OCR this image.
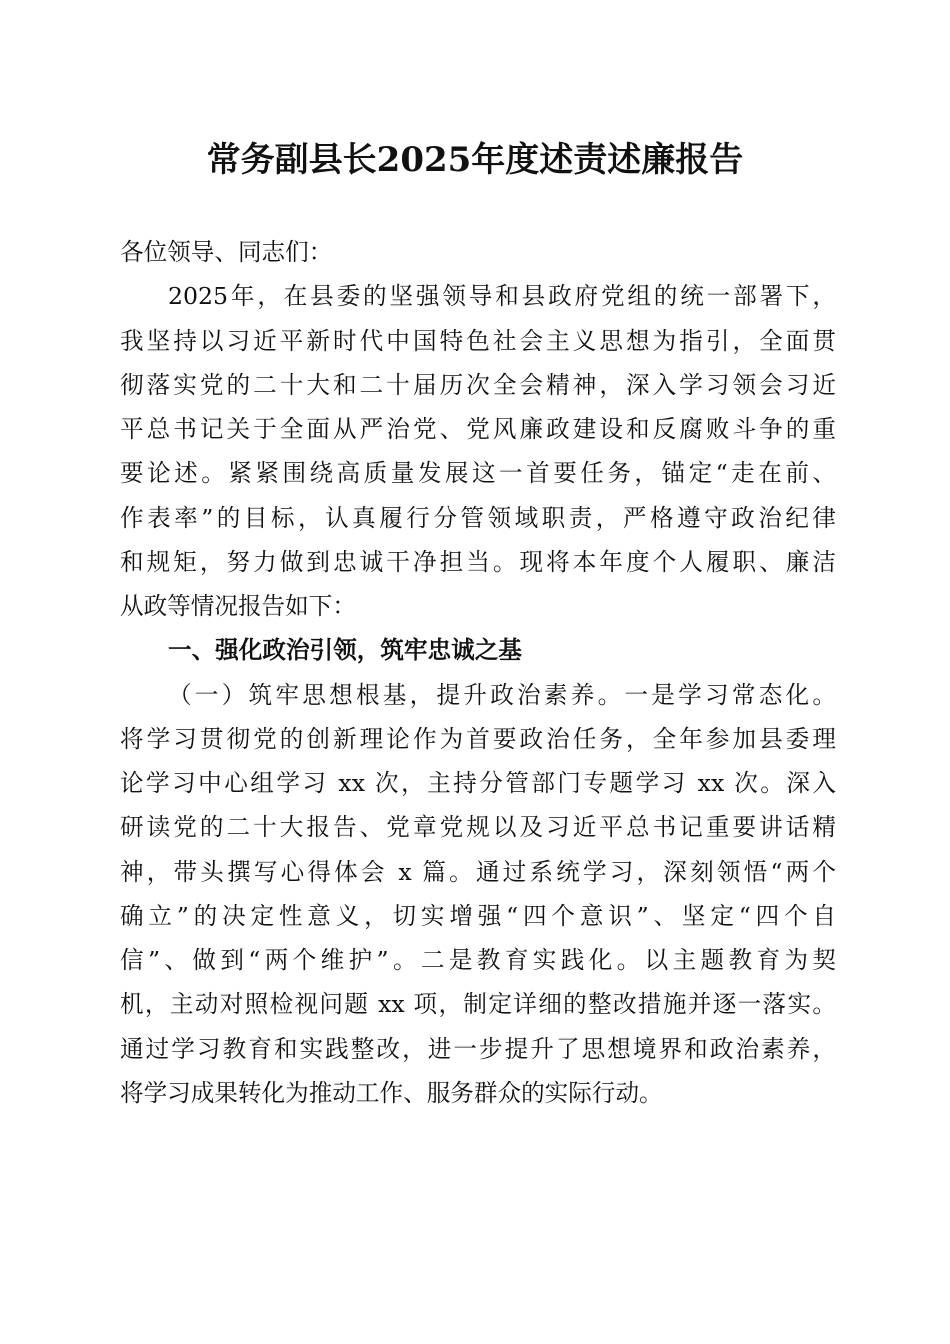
常务副县长2025年度述责述廉报告
各位领导、同志们：
2025年，在县委的坚强领导和县政府党组的统一部署下，
我坚持以习近平新时代中国特色社会主义思想为指引，全面贯
彻落实党的二十大和二十届历次全会精神，深入学习领会习近
平总书记关于全面从严治党、党风廉政建设和反腐败斗争的重
要论述。紧紧围绕高质量发展这一首要任务，锚定“走在前、
作表率”的目标，认真履行分管领域职责，严格遵守政治纪律
和规矩，努力做到忠诚干净担当。现将本年度个人履职、廉洁
从政等情况报告如下：
一、强化政治引领，筑牢忠诚之基
（一）筑牢思想根基，提升政治素养。一是学习常态化。
将学习贯彻党的创新理论作为首要政治任务，全年参加县委理
论学习中心组学习 xx 次，主持分管部门专题学习 xx 次。深入
研读党的二十大报告、党章党规以及习近平总书记重要讲话精
神，带头撰写心得体会 x 篇。通过系统学习，深刻领悟“两个
确立”的决定性意义，切实增强“四个意识”、坚定“四个自
信”、做到“两个维护”。二是教育实践化。以主题教育为契
机，主动对照检视问题 xx 项，制定详细的整改措施并逐一落实。
通过学习教育和实践整改，进一步提升了思想境界和政治素养，
将学习成果转化为推动工作、服务群众的实际行动。
